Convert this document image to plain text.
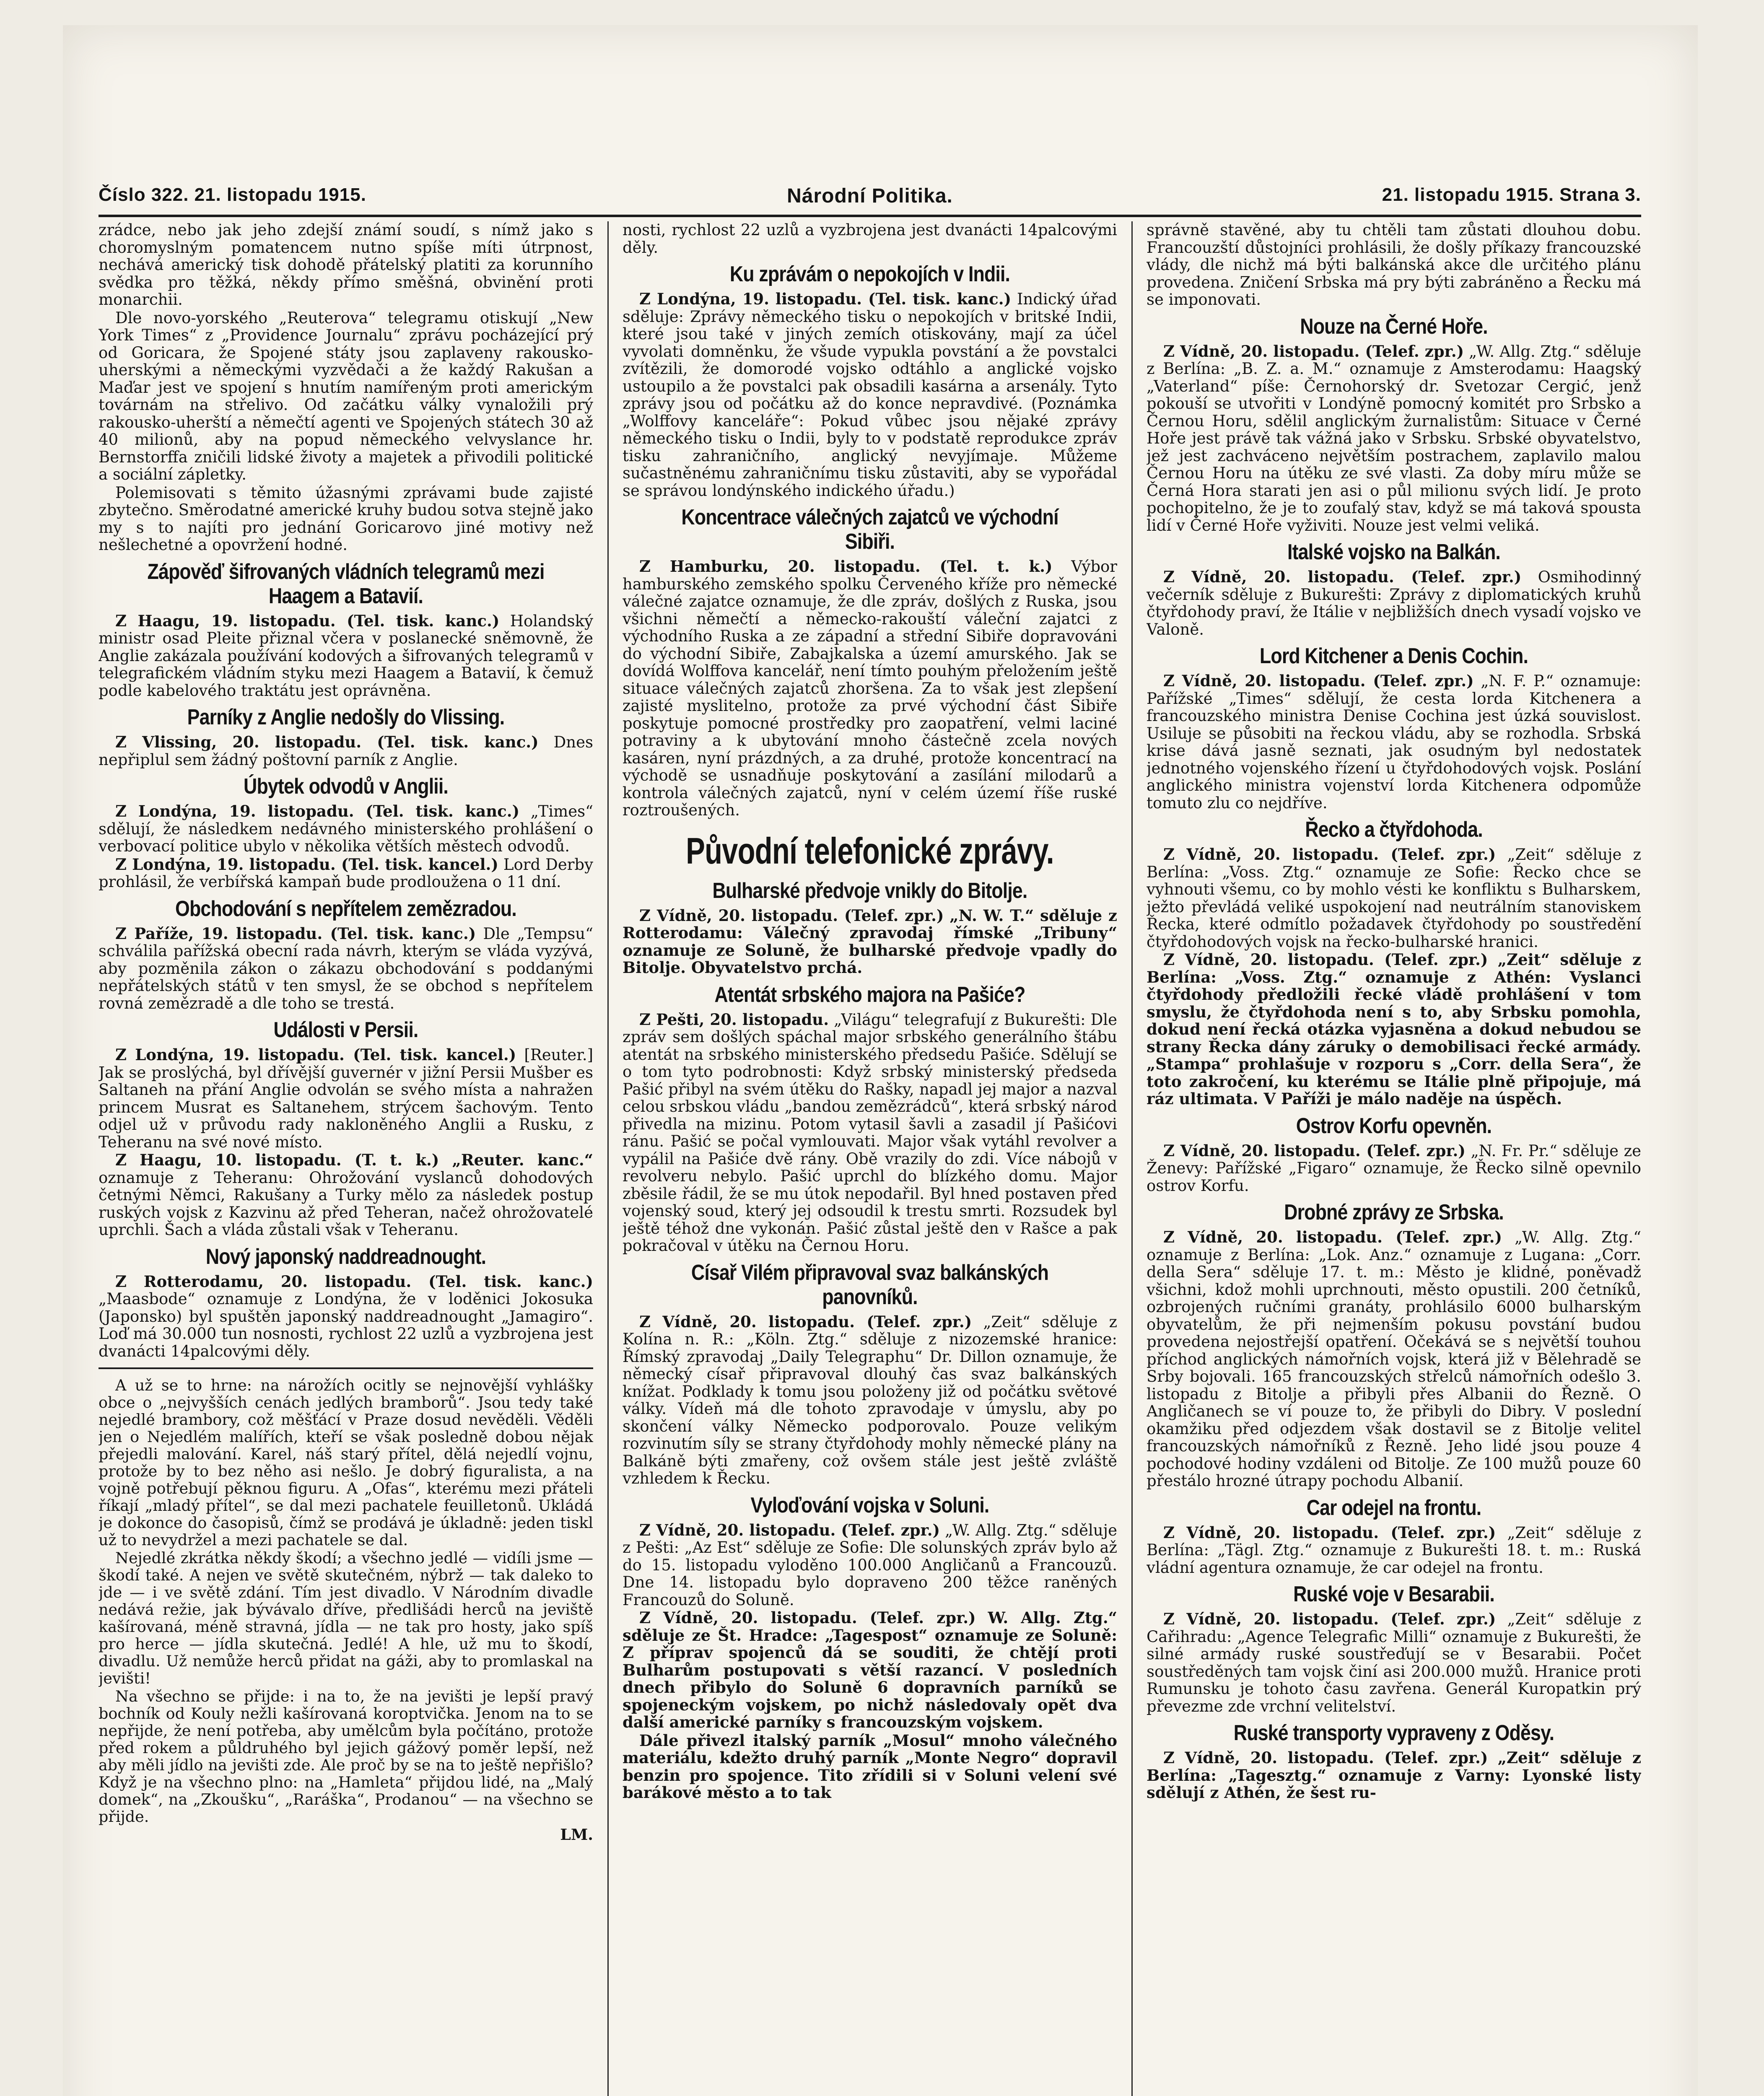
Číslo 322. 21. listopadu 1915.	Národní Politika.	21. listopadu 1915. Strana 3.

zrádce, nebo jak jeho zdejší známí soudí, s nímž jako s choromyslným pomatencem nutno spíše míti útrpnost, nechává americký tisk dohodě přátelský platiti za korunního svědka pro těžká, někdy přímo směšná, obvinění proti monarchii.

Dle novo-yorského „Reuterova“ telegramu otiskují „New York Times“ z „Providence Journalu“ zprávu pocházející prý od Goricara, že Spojené státy jsou zaplaveny rakousko-uherskými a německými vyzvědači a že každý Rakušan a Maďar jest ve spojení s hnutím namířeným proti americkým továrnám na střelivo. Od začátku války vynaložili prý rakousko-uherští a němečtí agenti ve Spojených státech 30 až 40 milionů, aby na popud německého velvyslance hr. Bernstorffa zničili lidské životy a majetek a přivodili politické a sociální zápletky.

Polemisovati s těmito úžasnými zprávami bude zajisté zbytečno. Směrodatné americké kruhy budou sotva stejně jako my s to najíti pro jednání Goricarovo jiné motivy než nešlechetné a opovržení hodné.

Zápověď šifrovaných vládních telegramů mezi Haagem a Batavií.

Z Haagu, 19. listopadu. (Tel. tisk. kanc.) Holandský ministr osad Pleite přiznal včera v poslanecké sněmovně, že Anglie zakázala používání kodových a šifrovaných telegramů v telegrafickém vládním styku mezi Haagem a Batavií, k čemuž podle kabelového traktátu jest oprávněna.

Parníky z Anglie nedošly do Vlissing.

Z Vlissing, 20. listopadu. (Tel. tisk. kanc.) Dnes nepřiplul sem žádný poštovní parník z Anglie.

Úbytek odvodů v Anglii.

Z Londýna, 19. listopadu. (Tel. tisk. kanc.) „Times“ sdělují, že následkem nedávného ministerského prohlášení o verbovací politice ubylo v několika větších městech odvodů.

Z Londýna, 19. listopadu. (Tel. tisk. kancel.) Lord Derby prohlásil, že verbířská kampaň bude prodloužena o 11 dní.

Obchodování s nepřítelem zemězradou.

Z Paříže, 19. listopadu. (Tel. tisk. kanc.) Dle „Tempsu“ schválila pařížská obecní rada návrh, kterým se vláda vyzývá, aby pozměnila zákon o zákazu obchodování s poddanými nepřátelských států v ten smysl, že se obchod s nepřítelem rovná zemězradě a dle toho se trestá.

Události v Persii.

Z Londýna, 19. listopadu. (Tel. tisk. kancel.) [Reuter.] Jak se proslýchá, byl dřívější guvernér v jižní Persii Mušber es Saltaneh na přání Anglie odvolán se svého místa a nahražen princem Musrat es Saltanehem, strýcem šachovým. Tento odjel už v průvodu rady nakloněného Anglii a Rusku, z Teheranu na své nové místo.

Z Haagu, 10. listopadu. (T. t. k.) „Reuter. kanc.“ oznamuje z Teheranu: Ohrožování vyslanců dohodových četnými Němci, Rakušany a Turky mělo za následek postup ruských vojsk z Kazvinu až před Teheran, načež ohrožovatelé uprchli. Šach a vláda zůstali však v Teheranu.

Nový japonský naddreadnought.

Z Rotterodamu, 20. listopadu. (Tel. tisk. kanc.) „Maasbode“ oznamuje z Londýna, že v loděnici Jokosuka (Japonsko) byl spuštěn japonský naddreadnought „Jamagiro“. Loď má 30.000 tun nosnosti, rychlost 22 uzlů a vyzbrojena jest dvanácti 14palcovými děly.

A už se to hrne: na nárožích ocitly se nejnovější vyhlášky obce o „nejvyšších cenách jedlých bramborů“. Jsou tedy také nejedlé brambory, což měšťácí v Praze dosud nevěděli. Věděli jen o Nejedlém malířích, kteří se však posledně dobou nějak přejedli malování. Karel, náš starý přítel, dělá nejedlí vojnu, protože by to bez něho asi nešlo. Je dobrý figuralista, a na vojně potřebují pěknou figuru. A „Ofas“, kterému mezi přáteli říkají „mladý přítel“, se dal mezi pachatele feuilletonů. Ukládá je dokonce do časopisů, čímž se prodává je úkladně: jeden tiskl už to nevydržel a mezi pachatele se dal.

Nejedlé zkrátka někdy škodí; a všechno jedlé — vidíli jsme — škodí také. A nejen ve světě skutečném, nýbrž — tak daleko to jde — i ve světě zdání. Tím jest divadlo. V Národním divadle nedává režie, jak bývávalo dříve, předlišádi herců na jeviště kašírovaná, méně stravná, jídla — ne tak pro hosty, jako spíš pro herce — jídla skutečná. Jedlé! A hle, už mu to škodí, divadlu. Už nemůže herců přidat na gáži, aby to promlaskal na jevišti!

Na všechno se přijde: i na to, že na jevišti je lepší pravý bochník od Kouly nežli kašírovaná koroptvička. Jenom na to se nepřijde, že není potřeba, aby umělcům byla počítáno, protože před rokem a půldruhého byl jejich gážový poměr lepší, než aby měli jídlo na jevišti zde. Ale proč by se na to ještě nepřišlo? Když je na všechno plno: na „Hamleta“ přijdou lidé, na „Malý domek“, na „Zkoušku“, „Raráška“, Prodanou“ — na všechno se přijde.

LM.

nosti, rychlost 22 uzlů a vyzbrojena jest dvanácti 14palcovými děly.

Ku zprávám o nepokojích v Indii.

Z Londýna, 19. listopadu. (Tel. tisk. kanc.) Indický úřad sděluje: Zprávy německého tisku o nepokojích v britské Indii, které jsou také v jiných zemích otiskovány, mají za účel vyvolati domněnku, že všude vypukla povstání a že povstalci zvítězili, že domorodé vojsko odtáhlo a anglické vojsko ustoupilo a že povstalci pak obsadili kasárna a arsenály. Tyto zprávy jsou od počátku až do konce nepravdivé. (Poznámka „Wolffovy kanceláře“: Pokud vůbec jsou nějaké zprávy německého tisku o Indii, byly to v podstatě reprodukce zpráv tisku zahraničního, anglický nevyjímaje. Můžeme sučastněnému zahraničnímu tisku zůstaviti, aby se vypořádal se správou londýnského indického úřadu.)

Koncentrace válečných zajatců ve východní Sibiři.

Z Hamburku, 20. listopadu. (Tel. t. k.) Výbor hamburského zemského spolku Červeného kříže pro německé válečné zajatce oznamuje, že dle zpráv, došlých z Ruska, jsou všichni němečtí a německo-rakouští váleční zajatci z východního Ruska a ze západní a střední Sibiře dopravováni do východní Sibiře, Zabajkalska a území amurského. Jak se dovídá Wolffova kancelář, není tímto pouhým přeložením ještě situace válečných zajatců zhoršena. Za to však jest zlepšení zajisté myslitelno, protože za prvé východní část Sibiře poskytuje pomocné prostředky pro zaopatření, velmi laciné potraviny a k ubytování mnoho částečně zcela nových kasáren, nyní prázdných, a za druhé, protože koncentrací na východě se usnadňuje poskytování a zasílání milodarů a kontrola válečných zajatců, nyní v celém území říše ruské roztroušených.

Původní telefonické zprávy.
Bulharské předvoje vnikly do Bitolje.

Z Vídně, 20. listopadu. (Telef. zpr.) „N. W. T.“ sděluje z Rotterodamu: Válečný zpravodaj římské „Tribuny“ oznamuje ze Soluně, že bulharské předvoje vpadly do Bitolje. Obyvatelstvo prchá.

Atentát srbského majora na Pašiće?

Z Pešti, 20. listopadu. „Világu“ telegrafují z Bukurešti: Dle zpráv sem došlých spáchal major srbského generálního štábu atentát na srbského ministerského předsedu Pašiće. Sdělují se o tom tyto podrobnosti: Když srbský ministerský předseda Pašić přibyl na svém útěku do Rašky, napadl jej major a nazval celou srbskou vládu „bandou zemězrádců“, která srbský národ přivedla na mizinu. Potom vytasil šavli a zasadil jí Pašićovi ránu. Pašić se počal vymlouvati. Major však vytáhl revolver a vypálil na Pašiće dvě rány. Obě vrazily do zdi. Více nábojů v revolveru nebylo. Pašić uprchl do blízkého domu. Major zběsile řádil, že se mu útok nepodařil. Byl hned postaven před vojenský soud, který jej odsoudil k trestu smrti. Rozsudek byl ještě téhož dne vykonán. Pašić zůstal ještě den v Rašce a pak pokračoval v útěku na Černou Horu.

Císař Vilém připravoval svaz balkánských panovníků.

Z Vídně, 20. listopadu. (Telef. zpr.) „Zeit“ sděluje z Kolína n. R.: „Köln. Ztg.“ sděluje z nizozemské hranice: Římský zpravodaj „Daily Telegraphu“ Dr. Dillon oznamuje, že německý císař připravoval dlouhý čas svaz balkánských knížat. Podklady k tomu jsou položeny již od počátku světové války. Vídeň má dle tohoto zpravodaje v úmyslu, aby po skončení války Německo podporovalo. Pouze velikým rozvinutím síly se strany čtyřdohody mohly německé plány na Balkáně býti zmařeny, což ovšem stále jest ještě zvláště vzhledem k Řecku.

Vyloďování vojska v Soluni.

Z Vídně, 20. listopadu. (Telef. zpr.) „W. Allg. Ztg.“ sděluje z Pešti: „Az Est“ sděluje ze Sofie: Dle solunských zpráv bylo až do 15. listopadu vyloděno 100.000 Angličanů a Francouzů. Dne 14. listopadu bylo dopraveno 200 těžce raněných Francouzů do Soluně.

Z Vídně, 20. listopadu. (Telef. zpr.) W. Allg. Ztg.“ sděluje ze Št. Hradce: „Tagespost“ oznamuje ze Soluně: Z příprav spojenců dá se souditi, že chtějí proti Bulharům postupovati s větší razancí. V posledních dnech přibylo do Soluně 6 dopravních parníků se spojeneckým vojskem, po nichž následovaly opět dva další americké parníky s francouzským vojskem.

Dále přivezl italský parník „Mosul“ mnoho válečného materiálu, kdežto druhý parník „Monte Negro“ dopravil benzin pro spojence. Tito zřídili si v Soluni velení své barákové město a to tak

správně stavěné, aby tu chtěli tam zůstati dlouhou dobu. Francouzští důstojníci prohlásili, že došly příkazy francouzské vlády, dle nichž má býti balkánská akce dle určitého plánu provedena. Zničení Srbska má pry býti zabráněno a Řecku má se imponovati.

Nouze na Černé Hoře.

Z Vídně, 20. listopadu. (Telef. zpr.) „W. Allg. Ztg.“ sděluje z Berlína: „B. Z. a. M.“ oznamuje z Amsterodamu: Haagský „Vaterland“ píše: Černohorský dr. Svetozar Cergić, jenž pokouší se utvořiti v Londýně pomocný komitét pro Srbsko a Černou Horu, sdělil anglickým žurnalistům: Situace v Černé Hoře jest právě tak vážná jako v Srbsku. Srbské obyvatelstvo, jež jest zachváceno největším postrachem, zaplavilo malou Černou Horu na útěku ze své vlasti. Za doby míru může se Černá Hora starati jen asi o půl milionu svých lidí. Je proto pochopitelno, že je to zoufalý stav, když se má taková spousta lidí v Černé Hoře vyživiti. Nouze jest velmi veliká.

Italské vojsko na Balkán.

Z Vídně, 20. listopadu. (Telef. zpr.) Osmihodinný večerník sděluje z Bukurešti: Zprávy z diplomatických kruhů čtyřdohody praví, že Itálie v nejbližších dnech vysadí vojsko ve Valoně.

Lord Kitchener a Denis Cochin.

Z Vídně, 20. listopadu. (Telef. zpr.) „N. F. P.“ oznamuje: Pařížské „Times“ sdělují, že cesta lorda Kitchenera a francouzského ministra Denise Cochina jest úzká souvislost. Usiluje se působiti na řeckou vládu, aby se rozhodla. Srbská krise dává jasně seznati, jak osudným byl nedostatek jednotného vojenského řízení u čtyřdohodových vojsk. Poslání anglického ministra vojenství lorda Kitchenera odpomůže tomuto zlu co nejdříve.

Řecko a čtyřdohoda.

Z Vídně, 20. listopadu. (Telef. zpr.) „Zeit“ sděluje z Berlína: „Voss. Ztg.“ oznamuje ze Sofie: Řecko chce se vyhnouti všemu, co by mohlo vésti ke konfliktu s Bulharskem, ježto převládá veliké uspokojení nad neutrálním stanoviskem Řecka, které odmítlo požadavek čtyřdohody po soustředění čtyřdohodových vojsk na řecko-bulharské hranici.

Z Vídně, 20. listopadu. (Telef. zpr.) „Zeit“ sděluje z Berlína: „Voss. Ztg.“ oznamuje z Athén: Vyslanci čtyřdohody předložili řecké vládě prohlášení v tom smyslu, že čtyřdohoda není s to, aby Srbsku pomohla, dokud není řecká otázka vyjasněna a dokud nebudou se strany Řecka dány záruky o demobilisaci řecké armády. „Stampa“ prohlašuje v rozporu s „Corr. della Sera“, že toto zakročení, ku kterému se Itálie plně připojuje, má ráz ultimata. V Paříži je málo naděje na úspěch.

Ostrov Korfu opevněn.

Z Vídně, 20. listopadu. (Telef. zpr.) „N. Fr. Pr.“ sděluje ze Ženevy: Pařížské „Figaro“ oznamuje, že Řecko silně opevnilo ostrov Korfu.

Drobné zprávy ze Srbska.

Z Vídně, 20. listopadu. (Telef. zpr.) „W. Allg. Ztg.“ oznamuje z Berlína: „Lok. Anz.“ oznamuje z Lugana: „Corr. della Sera“ sděluje 17. t. m.: Město je klidné, poněvadž všichni, kdož mohli uprchnouti, město opustili. 200 četníků, ozbrojených ručními granáty, prohlásilo 6000 bulharským obyvatelům, že při nejmenším pokusu povstání budou provedena nejostřejší opatření. Očekává se s největší touhou příchod anglických námořních vojsk, která již v Bělehradě se Srby bojovali. 165 francouzských střelců námořních odešlo 3. listopadu z Bitolje a přibyli přes Albanii do Řezně. O Angličanech se ví pouze to, že přibyli do Dibry. V poslední okamžiku před odjezdem však dostavil se z Bitolje velitel francouzských námořníků z Řezně. Jeho lidé jsou pouze 4 pochodové hodiny vzdáleni od Bitolje. Ze 100 mužů pouze 60 přestálo hrozné útrapy pochodu Albanií.

Car odejel na frontu.

Z Vídně, 20. listopadu. (Telef. zpr.) „Zeit“ sděluje z Berlína: „Tägl. Ztg.“ oznamuje z Bukurešti 18. t. m.: Ruská vládní agentura oznamuje, že car odejel na frontu.

Ruské voje v Besarabii.

Z Vídně, 20. listopadu. (Telef. zpr.) „Zeit“ sděluje z Cařihradu: „Agence Telegrafic Milli“ oznamuje z Bukurešti, že silné armády ruské soustřeďují se v Besarabii. Počet soustředěných tam vojsk činí asi 200.000 mužů. Hranice proti Rumunsku je tohoto času zavřena. Generál Kuropatkin prý převezme zde vrchní velitelství.

Ruské transporty vypraveny z Oděsy.

Z Vídně, 20. listopadu. (Telef. zpr.) „Zeit“ sděluje z Berlína: „Tagesztg.“ oznamuje z Varny: Lyonské listy sdělují z Athén, že šest ru-
